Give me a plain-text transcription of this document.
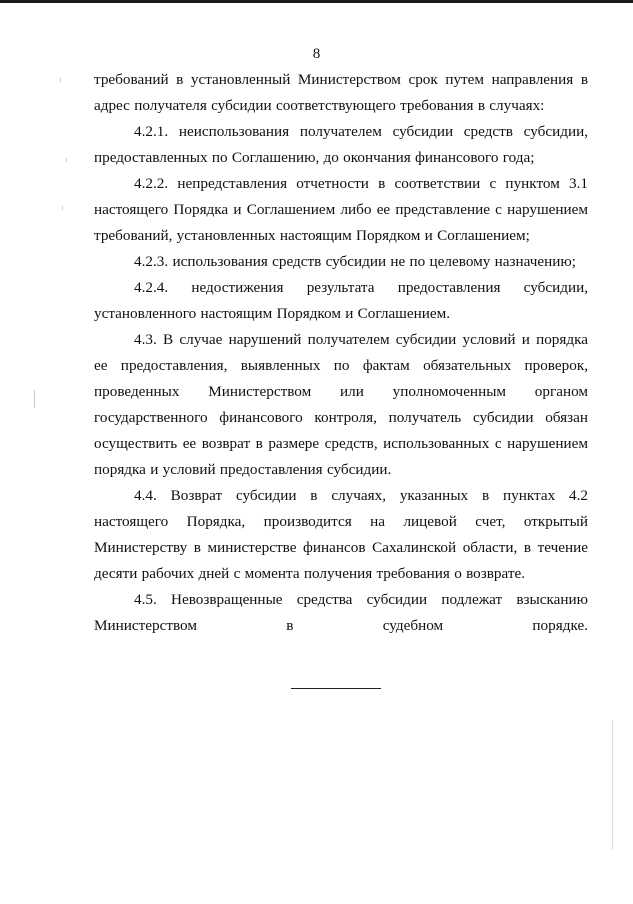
8

требований в установленный Министерством срок путем направления в адрес получателя субсидии соответствующего требования в случаях:

4.2.1. неиспользования получателем субсидии средств субсидии, предоставленных по Соглашению, до окончания финансового года;

4.2.2. непредставления отчетности в соответствии с пунктом 3.1 настоящего Порядка и Соглашением либо ее представление с нарушением требований, установленных настоящим Порядком и Соглашением;

4.2.3. использования средств субсидии не по целевому назначению;

4.2.4. недостижения результата предоставления субсидии, установленного настоящим Порядком и Соглашением.

4.3. В случае нарушений получателем субсидии условий и порядка ее предоставления, выявленных по фактам обязательных проверок, проведенных Министерством или уполномоченным органом государственного финансового контроля, получатель субсидии обязан осуществить ее возврат в размере средств, использованных с нарушением порядка и условий предоставления субсидии.

4.4. Возврат субсидии в случаях, указанных в пунктах 4.2 настоящего Порядка, производится на лицевой счет, открытый Министерству в министерстве финансов Сахалинской области, в течение десяти рабочих дней с момента получения требования о возврате.

4.5. Невозвращенные средства субсидии подлежат взысканию Министерством в судебном порядке.
